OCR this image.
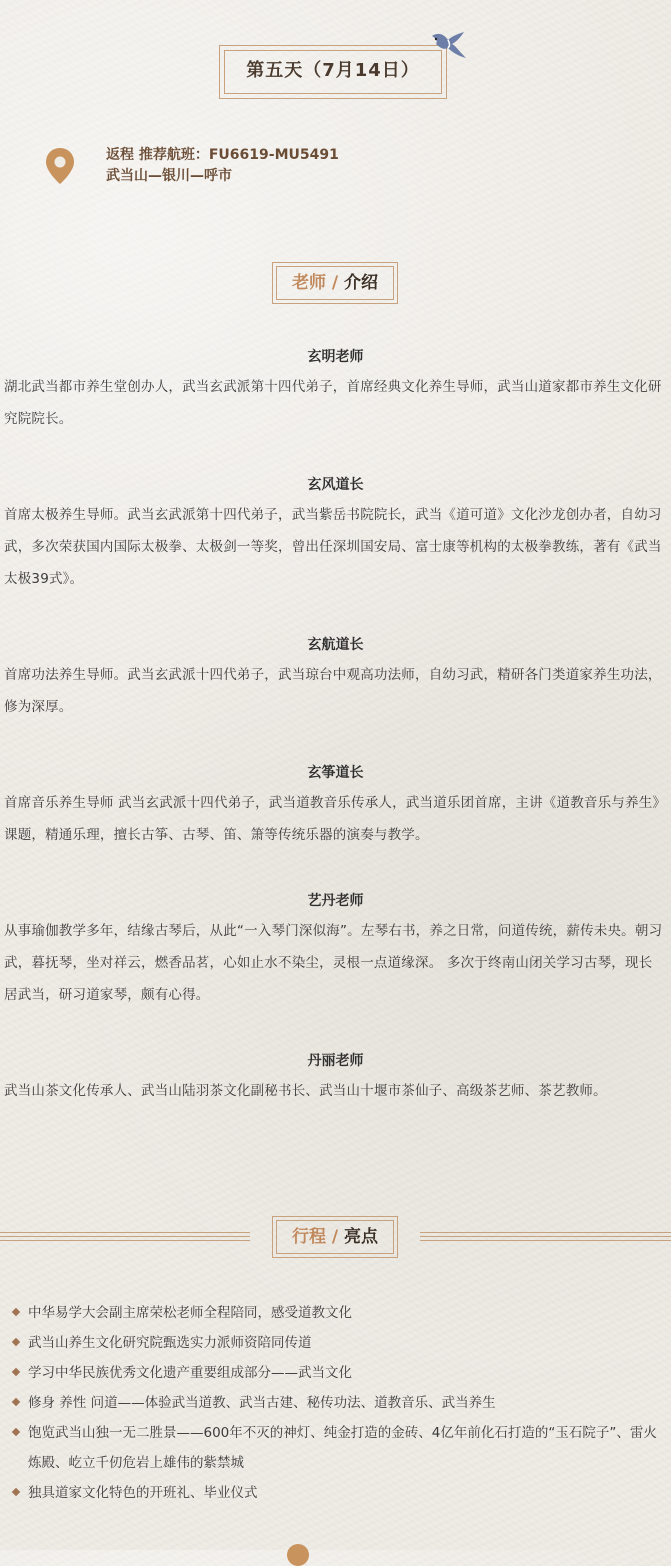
第五天（7月14日）
返程 推荐航班：FU6619-MU5491
武当山—银川—呼市
老师 / 介绍
玄明老师
湖北武当都市养生堂创办人，武当玄武派第十四代弟子，首席经典文化养生导师，武当山道家都市养生文化研究院院长。
玄风道长
首席太极养生导师。武当玄武派第十四代弟子，武当紫岳书院院长，武当《道可道》文化沙龙创办者，自幼习武，多次荣获国内国际太极拳、太极剑一等奖，曾出任深圳国安局、富士康等机构的太极拳教练，著有《武当太极39式》。
玄航道长
首席功法养生导师。武当玄武派十四代弟子，武当琼台中观高功法师，自幼习武，精研各门类道家养生功法，修为深厚。
玄筝道长
首席音乐养生导师 武当玄武派十四代弟子，武当道教音乐传承人，武当道乐团首席，主讲《道教音乐与养生》课题，精通乐理，擅长古筝、古琴、笛、箫等传统乐器的演奏与教学。
艺丹老师
从事瑜伽教学多年，结缘古琴后，从此“一入琴门深似海”。左琴右书，养之日常，问道传统，薪传未央。朝习武，暮抚琴，坐对祥云，燃香品茗，心如止水不染尘，灵根一点道缘深。 多次于终南山闭关学习古琴，现长居武当，研习道家琴，颇有心得。
丹丽老师
武当山茶文化传承人、武当山陆羽茶文化副秘书长、武当山十堰市茶仙子、高级茶艺师、茶艺教师。
行程 / 亮点
中华易学大会副主席荣松老师全程陪同，感受道教文化
武当山养生文化研究院甄选实力派师资陪同传道
学习中华民族优秀文化遗产重要组成部分——武当文化
修身 养性 问道——体验武当道教、武当古建、秘传功法、道教音乐、武当养生
饱览武当山独一无二胜景——600年不灭的神灯、纯金打造的金砖、4亿年前化石打造的“玉石院子”、雷火炼殿、屹立千仞危岩上雄伟的紫禁城
独具道家文化特色的开班礼、毕业仪式
